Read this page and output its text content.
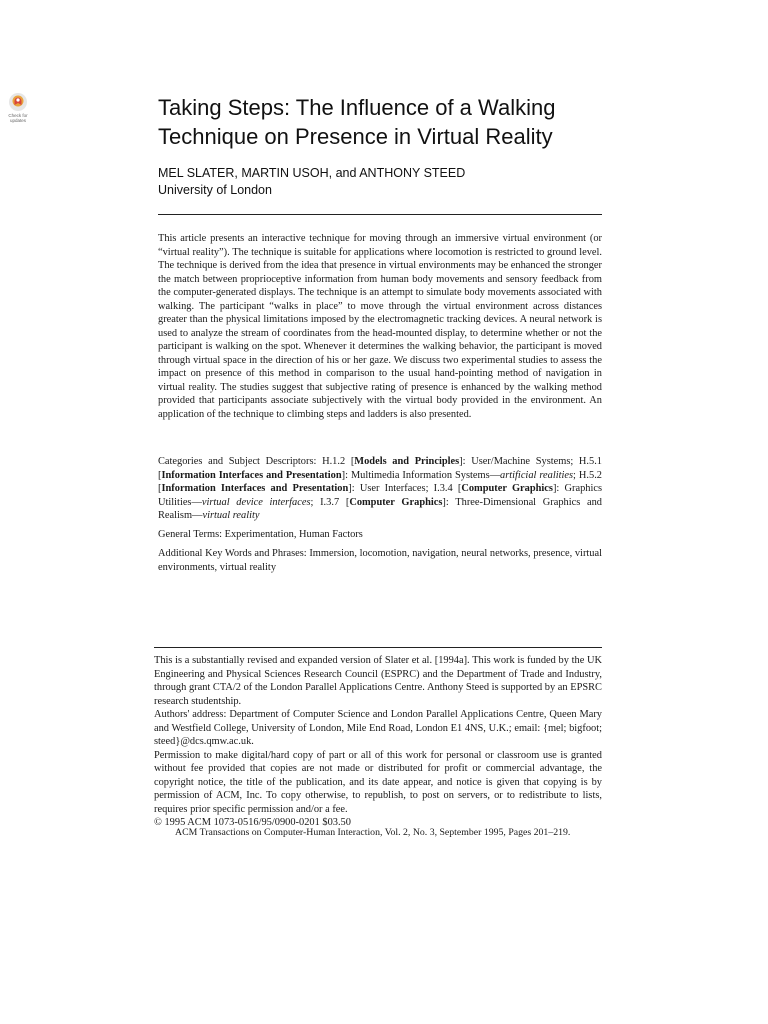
Check for
updates
Taking Steps: The Influence of a Walking Technique on Presence in Virtual Reality
MEL SLATER, MARTIN USOH, and ANTHONY STEED
University of London

This article presents an interactive technique for moving through an immersive virtual environment (or “virtual reality”). The technique is suitable for applications where locomotion is restricted to ground level. The technique is derived from the idea that presence in virtual environments may be enhanced the stronger the match between proprioceptive information from human body movements and sensory feedback from the computer-generated displays. The technique is an attempt to simulate body movements associated with walking. The participant “walks in place” to move through the virtual environment across distances greater than the physical limitations imposed by the electromagnetic tracking devices. A neural network is used to analyze the stream of coordinates from the head-mounted display, to determine whether or not the participant is walking on the spot. Whenever it determines the walking behavior, the participant is moved through virtual space in the direction of his or her gaze. We discuss two experimental studies to assess the impact on presence of this method in comparison to the usual hand-pointing method of navigation in virtual reality. The studies suggest that subjective rating of presence is enhanced by the walking method provided that participants associate subjectively with the virtual body provided in the environment. An application of the technique to climbing steps and ladders is also presented.

Categories and Subject Descriptors: H.1.2 [Models and Principles]: User/Machine Systems; H.5.1 [Information Interfaces and Presentation]: Multimedia Information Systems—artificial realities; H.5.2 [Information Interfaces and Presentation]: User Interfaces; I.3.4 [Computer Graphics]: Graphics Utilities—virtual device interfaces; I.3.7 [Computer Graphics]: Three-Dimensional Graphics and Realism—virtual reality

General Terms: Experimentation, Human Factors

Additional Key Words and Phrases: Immersion, locomotion, navigation, neural networks, presence, virtual environments, virtual reality

This is a substantially revised and expanded version of Slater et al. [1994a]. This work is funded by the UK Engineering and Physical Sciences Research Council (ESPRC) and the Department of Trade and Industry, through grant CTA/2 of the London Parallel Applications Centre. Anthony Steed is supported by an EPSRC research studentship.

Authors' address: Department of Computer Science and London Parallel Applications Centre, Queen Mary and Westfield College, University of London, Mile End Road, London E1 4NS, U.K.; email: {mel; bigfoot; steed}@dcs.qmw.ac.uk.

Permission to make digital/hard copy of part or all of this work for personal or classroom use is granted without fee provided that copies are not made or distributed for profit or commercial advantage, the copyright notice, the title of the publication, and its date appear, and notice is given that copying is by permission of ACM, Inc. To copy otherwise, to republish, to post on servers, or to redistribute to lists, requires prior specific permission and/or a fee.

© 1995 ACM 1073-0516/95/0900-0201 $03.50

ACM Transactions on Computer-Human Interaction, Vol. 2, No. 3, September 1995, Pages 201–219.
